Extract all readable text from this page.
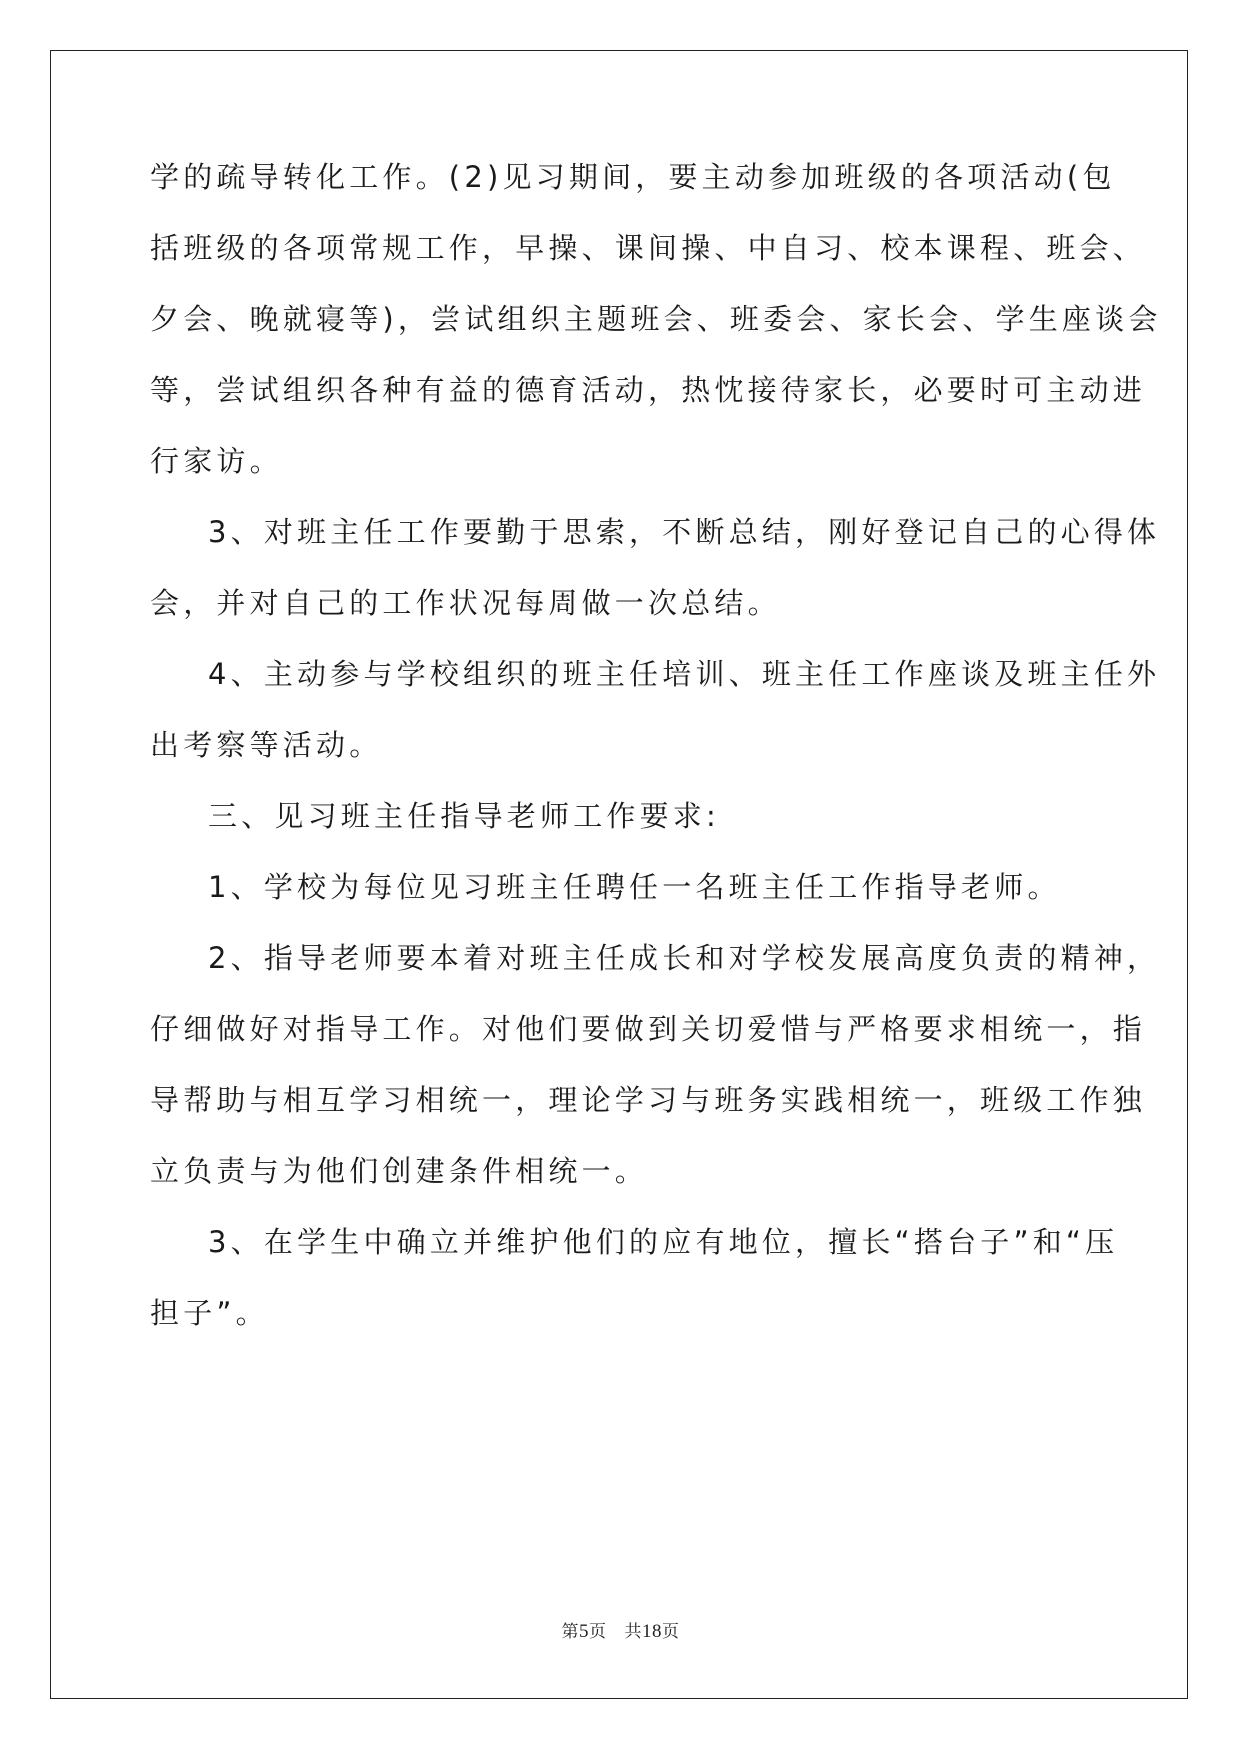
学的疏导转化工作。(2)见习期间，要主动参加班级的各项活动(包
括班级的各项常规工作，早操、课间操、中自习、校本课程、班会、
夕会、晚就寝等)，尝试组织主题班会、班委会、家长会、学生座谈会
等，尝试组织各种有益的德育活动，热忱接待家长，必要时可主动进
行家访。
3、对班主任工作要勤于思索，不断总结，刚好登记自己的心得体
会，并对自己的工作状况每周做一次总结。
4、主动参与学校组织的班主任培训、班主任工作座谈及班主任外
出考察等活动。
三、见习班主任指导老师工作要求:
1、学校为每位见习班主任聘任一名班主任工作指导老师。
2、指导老师要本着对班主任成长和对学校发展高度负责的精神，
仔细做好对指导工作。对他们要做到关切爱惜与严格要求相统一，指
导帮助与相互学习相统一，理论学习与班务实践相统一，班级工作独
立负责与为他们创建条件相统一。
3、在学生中确立并维护他们的应有地位，擅长“搭台子”和“压
担子”。
第5页 共18页
